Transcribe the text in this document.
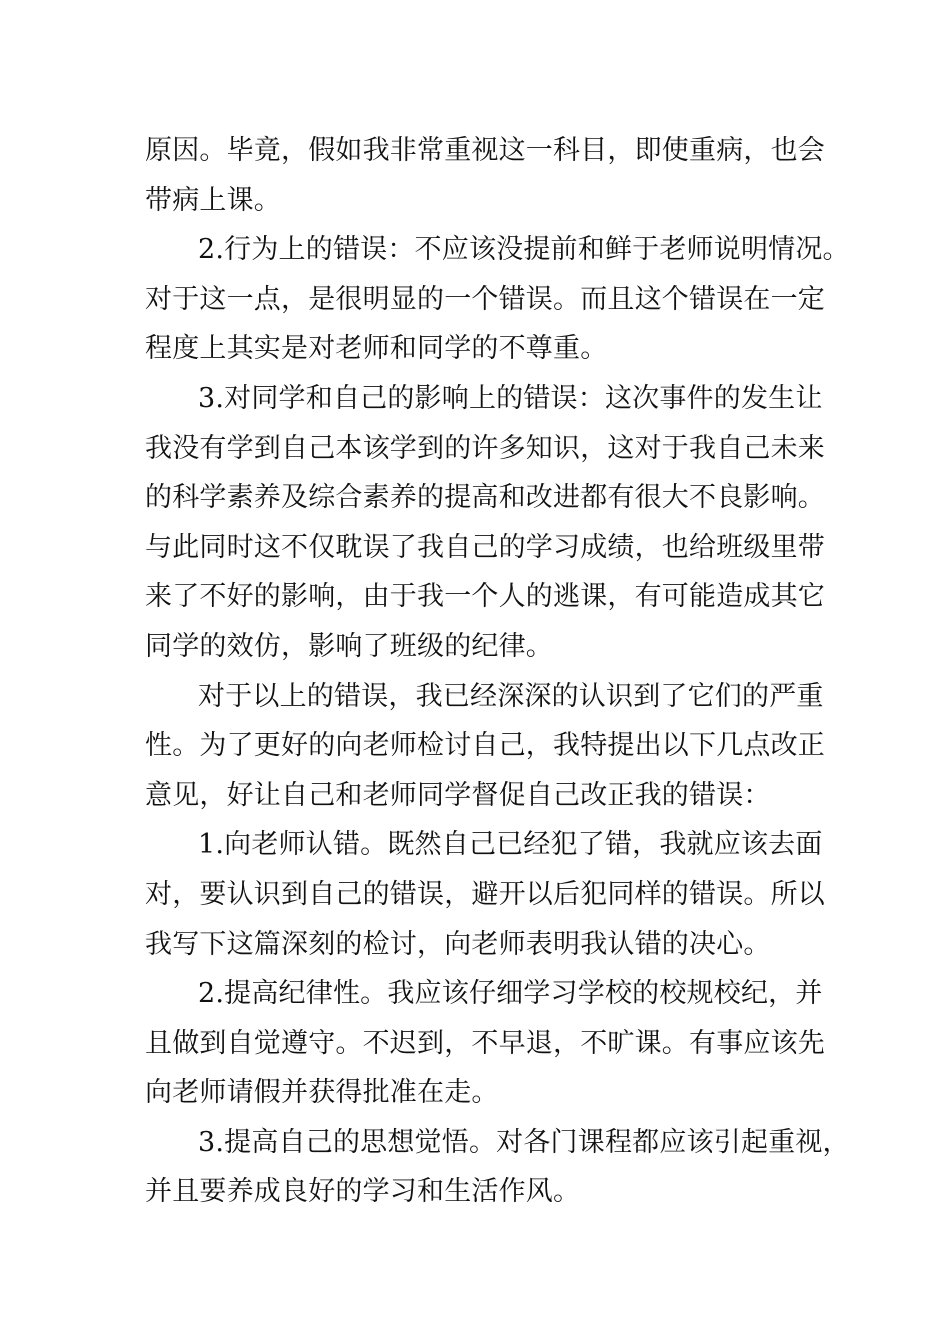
原因。毕竟，假如我非常重视这一科目，即使重病，也会
带病上课。
2.行为上的错误：不应该没提前和鲜于老师说明情况。
对于这一点，是很明显的一个错误。而且这个错误在一定
程度上其实是对老师和同学的不尊重。
3.对同学和自己的影响上的错误：这次事件的发生让
我没有学到自己本该学到的许多知识，这对于我自己未来
的科学素养及综合素养的提高和改进都有很大不良影响。
与此同时这不仅耽误了我自己的学习成绩，也给班级里带
来了不好的影响，由于我一个人的逃课，有可能造成其它
同学的效仿，影响了班级的纪律。
对于以上的错误，我已经深深的认识到了它们的严重
性。为了更好的向老师检讨自己，我特提出以下几点改正
意见，好让自己和老师同学督促自己改正我的错误：
1.向老师认错。既然自己已经犯了错，我就应该去面
对，要认识到自己的错误，避开以后犯同样的错误。所以
我写下这篇深刻的检讨，向老师表明我认错的决心。
2.提高纪律性。我应该仔细学习学校的校规校纪，并
且做到自觉遵守。不迟到，不早退，不旷课。有事应该先
向老师请假并获得批准在走。
3.提高自己的思想觉悟。对各门课程都应该引起重视，
并且要养成良好的学习和生活作风。
